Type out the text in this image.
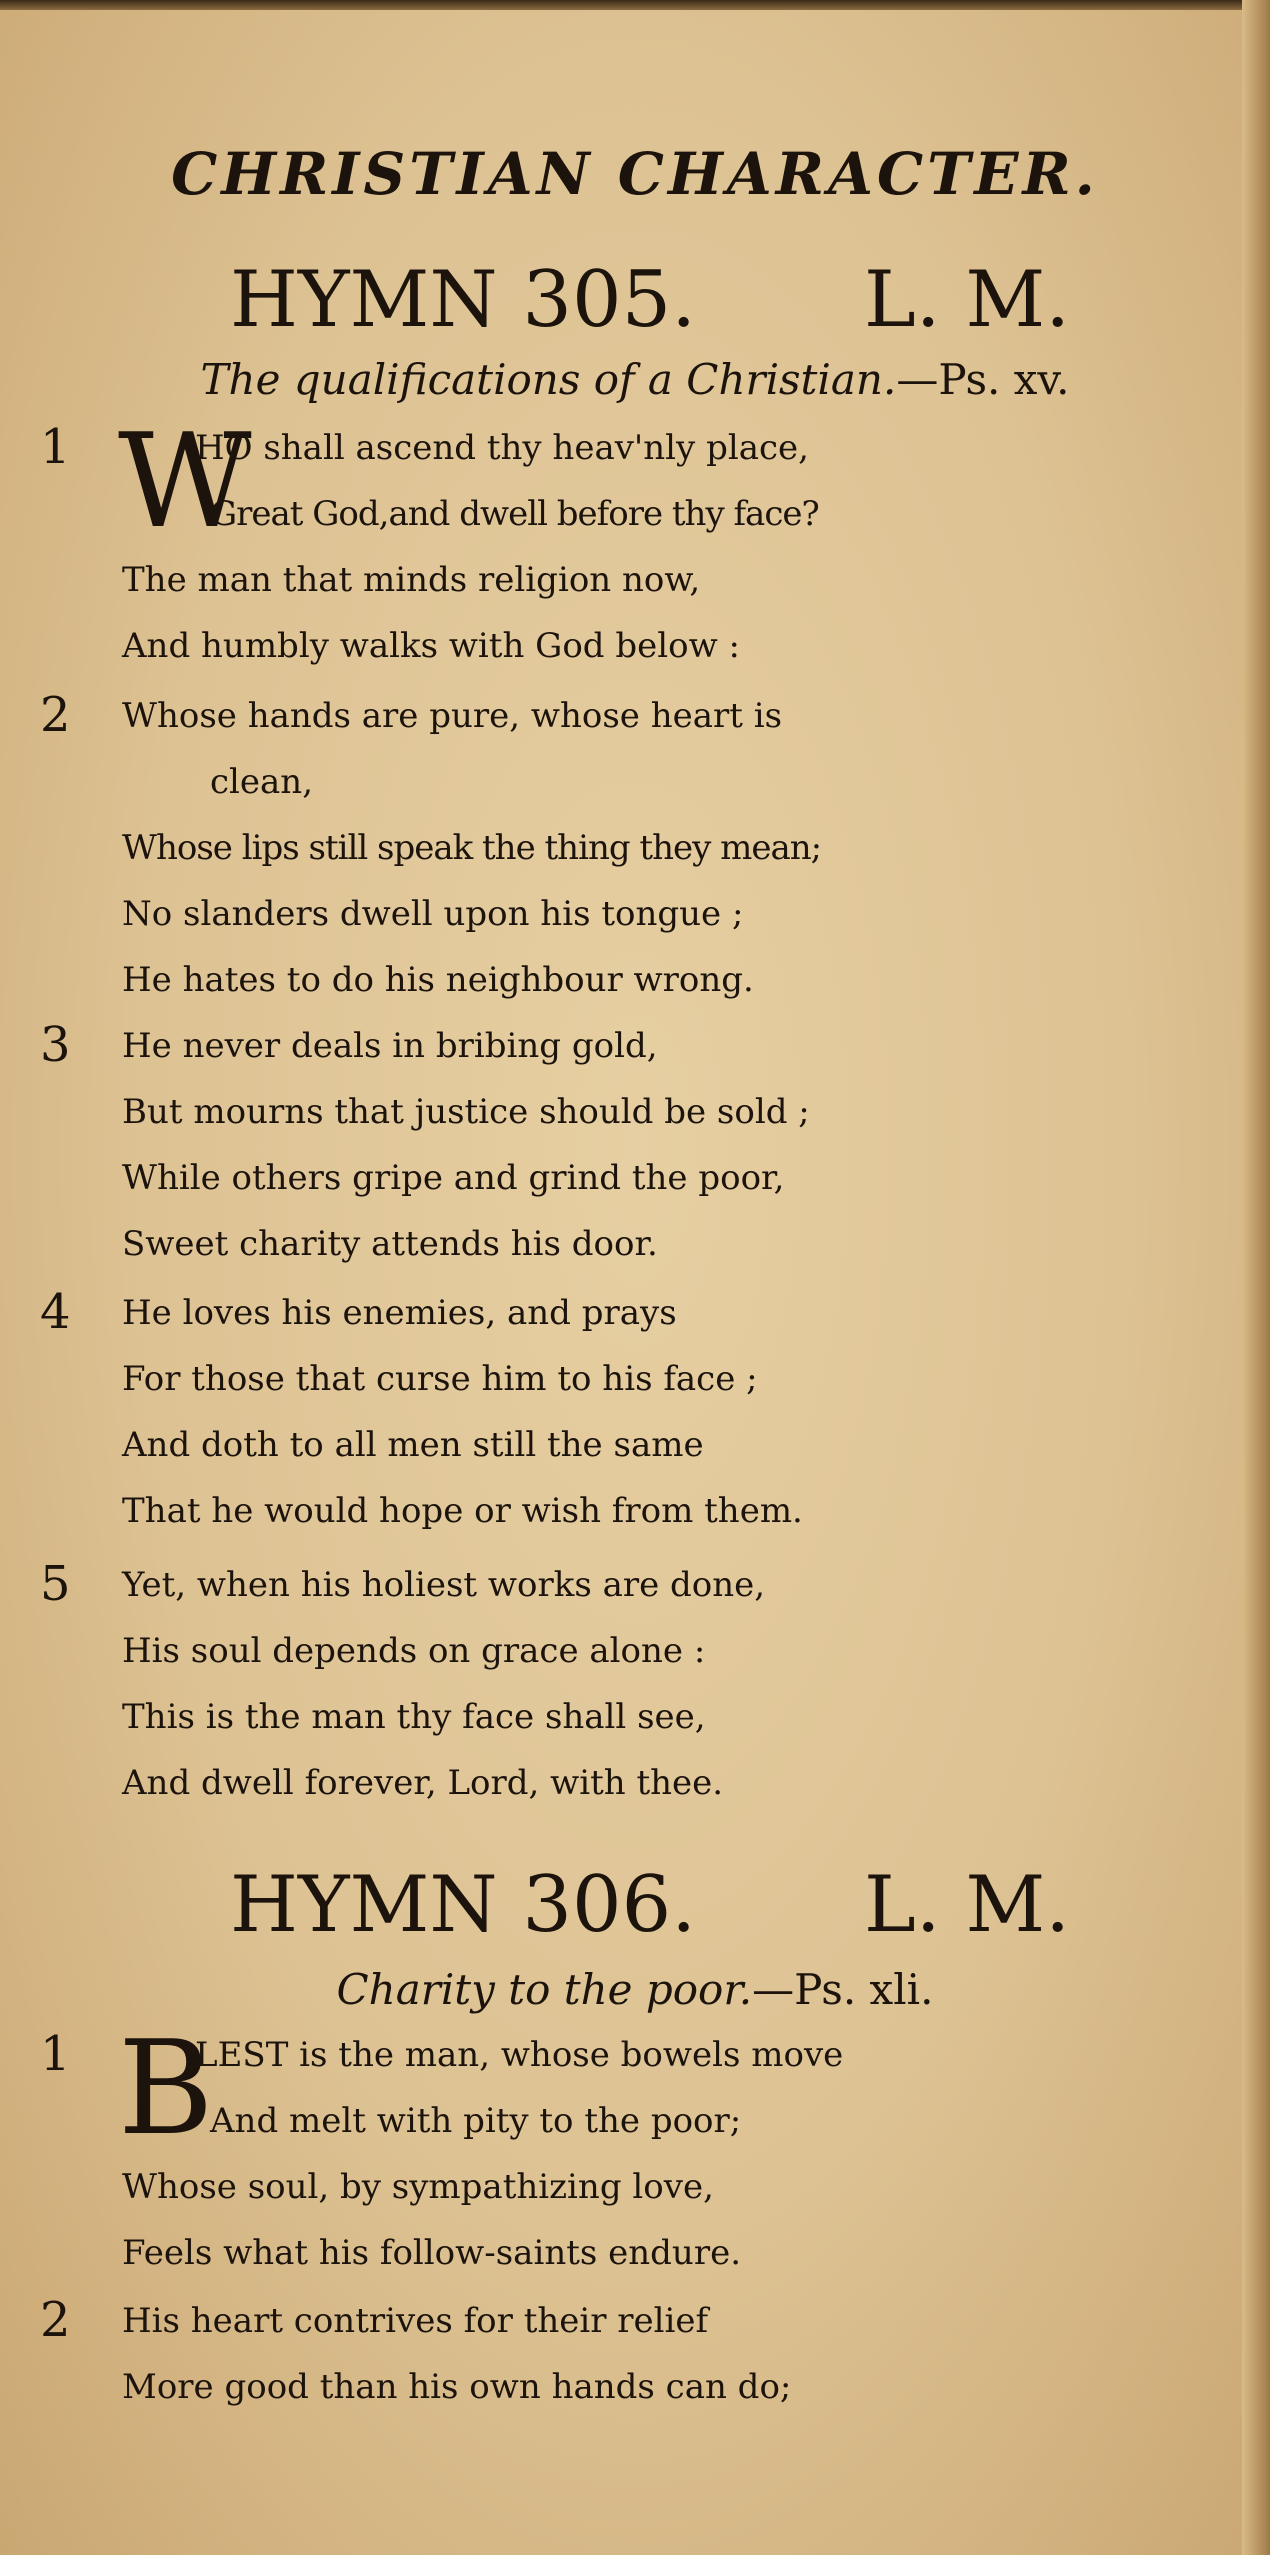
CHRISTIAN CHARACTER.
HYMN 305. L. M.

The qualifications of a Christian.—Ps. xv.

1 W
HO shall ascend thy heav'nly place,
Great God,and dwell before thy face?
The man that minds religion now,
And humbly walks with God below :
2	Whose hands are pure, whose heart is
clean,
Whose lips still speak the thing they mean;
No slanders dwell upon his tongue ;
He hates to do his neighbour wrong.
3	He never deals in bribing gold,
But mourns that justice should be sold ;
While others gripe and grind the poor,
Sweet charity attends his door.
4	He loves his enemies, and prays
For those that curse him to his face ;
And doth to all men still the same
That he would hope or wish from them.
5	Yet, when his holiest works are done,
His soul depends on grace alone :
This is the man thy face shall see,
And dwell forever, Lord, with thee.
HYMN 306. L. M.

Charity to the poor.—Ps. xli.

1 B
LEST is the man, whose bowels move
And melt with pity to the poor;
Whose soul, by sympathizing love,
Feels what his follow-saints endure.
2	His heart contrives for their relief
More good than his own hands can do;
